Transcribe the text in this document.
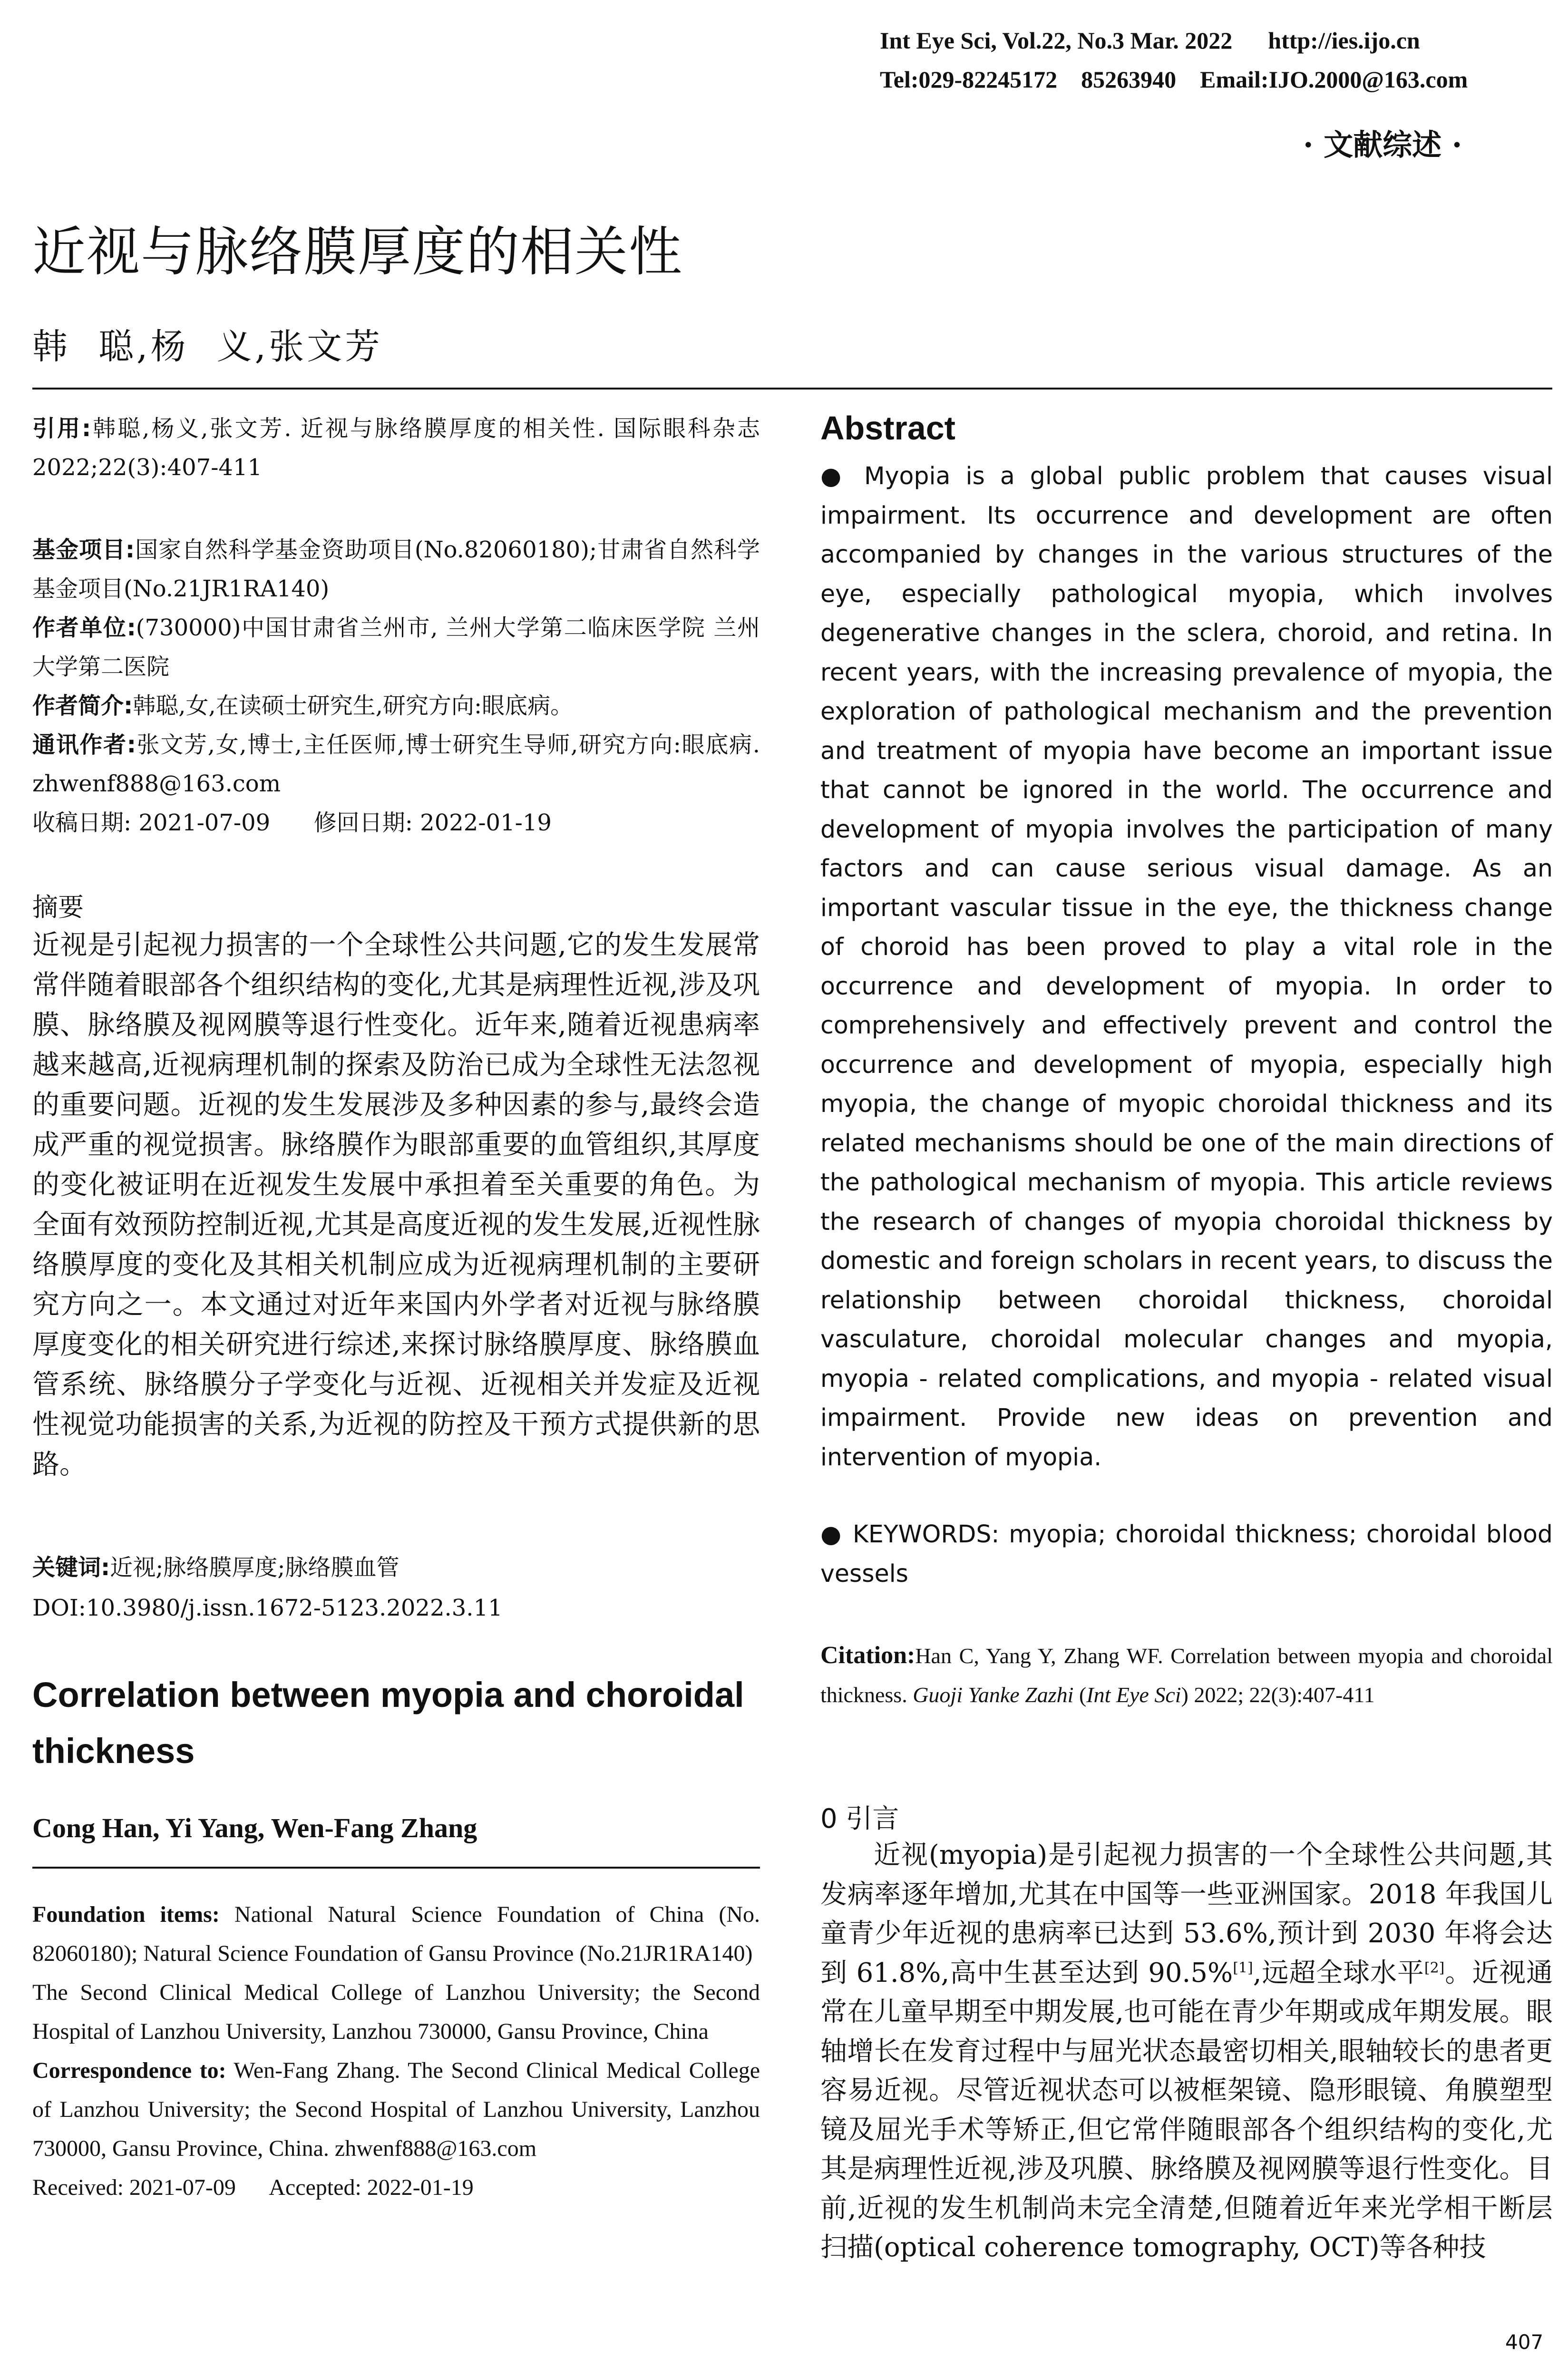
Int Eye Sci, Vol.22, No.3 Mar. 2022      http://ies.ijo.cn
Tel:029-82245172    85263940    Email:IJO.2000@163.com
· 文献综述 ·
近视与脉络膜厚度的相关性
韩  聪,杨  义,张文芳

引用:韩聪,杨义,张文芳. 近视与脉络膜厚度的相关性. 国际眼科杂志 2022;22(3):407-411

基金项目:国家自然科学基金资助项目(No.82060180);甘肃省自然科学基金项目(No.21JR1RA140)

作者单位:(730000)中国甘肃省兰州市, 兰州大学第二临床医学院 兰州大学第二医院

作者简介:韩聪,女,在读硕士研究生,研究方向:眼底病。

通讯作者:张文芳,女,博士,主任医师,博士研究生导师,研究方向:眼底病. zhwenf888@163.com

收稿日期: 2021-07-09      修回日期: 2022-01-19

摘要

近视是引起视力损害的一个全球性公共问题,它的发生发展常常伴随着眼部各个组织结构的变化,尤其是病理性近视,涉及巩膜、脉络膜及视网膜等退行性变化。近年来,随着近视患病率越来越高,近视病理机制的探索及防治已成为全球性无法忽视的重要问题。近视的发生发展涉及多种因素的参与,最终会造成严重的视觉损害。脉络膜作为眼部重要的血管组织,其厚度的变化被证明在近视发生发展中承担着至关重要的角色。为全面有效预防控制近视,尤其是高度近视的发生发展,近视性脉络膜厚度的变化及其相关机制应成为近视病理机制的主要研究方向之一。本文通过对近年来国内外学者对近视与脉络膜厚度变化的相关研究进行综述,来探讨脉络膜厚度、脉络膜血管系统、脉络膜分子学变化与近视、近视相关并发症及近视性视觉功能损害的关系,为近视的防控及干预方式提供新的思路。

关键词:近视;脉络膜厚度;脉络膜血管

DOI:10.3980/j.issn.1672-5123.2022.3.11

Correlation between myopia and choroidal thickness
Cong Han, Yi Yang, Wen-Fang Zhang

Foundation items: National Natural Science Foundation of China (No. 82060180); Natural Science Foundation of Gansu Province (No.21JR1RA140)

The Second Clinical Medical College of Lanzhou University; the Second Hospital of Lanzhou University, Lanzhou 730000, Gansu Province, China

Correspondence to: Wen-Fang Zhang. The Second Clinical Medical College of Lanzhou University; the Second Hospital of Lanzhou University, Lanzhou 730000, Gansu Province, China. zhwenf888@163.com

Received: 2021-07-09      Accepted: 2022-01-19

Abstract

● Myopia is a global public problem that causes visual impairment. Its occurrence and development are often accompanied by changes in the various structures of the eye, especially pathological myopia, which involves degenerative changes in the sclera, choroid, and retina. In recent years, with the increasing prevalence of myopia, the exploration of pathological mechanism and the prevention and treatment of myopia have become an important issue that cannot be ignored in the world. The occurrence and development of myopia involves the participation of many factors and can cause serious visual damage. As an important vascular tissue in the eye, the thickness change of choroid has been proved to play a vital role in the occurrence and development of myopia. In order to comprehensively and effectively prevent and control the occurrence and development of myopia, especially high myopia, the change of myopic choroidal thickness and its related mechanisms should be one of the main directions of the pathological mechanism of myopia. This article reviews the research of changes of myopia choroidal thickness by domestic and foreign scholars in recent years, to discuss the relationship between choroidal thickness, choroidal vasculature, choroidal molecular changes and myopia, myopia - related complications, and myopia - related visual impairment. Provide new ideas on prevention and intervention of myopia.

● KEYWORDS: myopia; choroidal thickness; choroidal blood vessels

Citation:Han C, Yang Y, Zhang WF. Correlation between myopia and choroidal thickness. Guoji Yanke Zazhi (Int Eye Sci) 2022; 22(3):407-411

0 引言

近视(myopia)是引起视力损害的一个全球性公共问题,其发病率逐年增加,尤其在中国等一些亚洲国家。2018 年我国儿童青少年近视的患病率已达到 53.6%,预计到 2030 年将会达到 61.8%,高中生甚至达到 90.5%[1],远超全球水平[2]。近视通常在儿童早期至中期发展,也可能在青少年期或成年期发展。眼轴增长在发育过程中与屈光状态最密切相关,眼轴较长的患者更容易近视。尽管近视状态可以被框架镜、隐形眼镜、角膜塑型镜及屈光手术等矫正,但它常伴随眼部各个组织结构的变化,尤其是病理性近视,涉及巩膜、脉络膜及视网膜等退行性变化。目前,近视的发生机制尚未完全清楚,但随着近年来光学相干断层扫描(optical coherence tomography, OCT)等各种技

407
